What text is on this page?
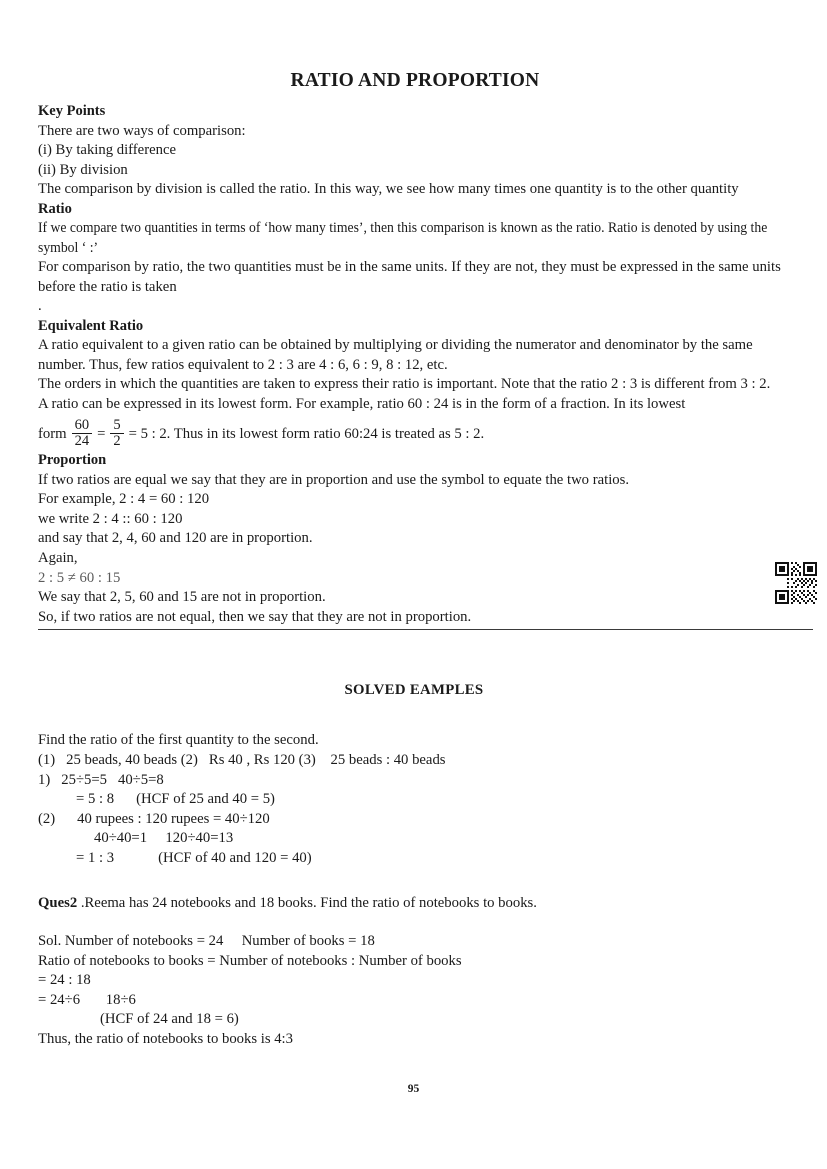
RATIO AND PROPORTION
Key Points

There are two ways of comparison:

(i) By taking difference

(ii) By division

The comparison by division is called the ratio. In this way, we see how many times one quantity is to the other quantity

Ratio

If we compare two quantities in terms of ‘how many times’, then this comparison is known as the ratio. Ratio is denoted by using the symbol ‘ :’

For comparison by ratio, the two quantities must be in the same units. If they are not, they must be expressed in the same units before the ratio is taken

.

Equivalent Ratio

A ratio equivalent to a given ratio can be obtained by multiplying or dividing the numerator and denominator by the same number. Thus, few ratios equivalent to 2 : 3 are 4 : 6, 6 : 9, 8 : 12, etc.

The orders in which the quantities are taken to express their ratio is important. Note that the ratio 2 : 3 is different from 3 : 2.

A ratio can be expressed in its lowest form. For example, ratio 60 : 24 is in the form of a fraction. In its lowest

form $\frac{60}{24} = \frac{5}{2} = 5$ : 2. Thus in its lowest form ratio 60:24 is treated as 5 : 2.
Proportion

If two ratios are equal we say that they are in proportion and use the symbol to equate the two ratios.

For example, 2 : 4 = 60 : 120

we write 2 : 4 :: 60 : 120

and say that 2, 4, 60 and 120 are in proportion.

Again,

2 : 5 ≠ 60 : 15

We say that 2, 5, 60 and 15 are not in proportion.

So, if two ratios are not equal, then we say that they are not in proportion.

SOLVED EAMPLES

Find the ratio of the first quantity to the second.

(1)   25 beads, 40 beads (2)   Rs 40 , Rs 120 (3)    25 beads : 40 beads

1)   25÷5=5   40÷5=8

= 5 : 8      (HCF of 25 and 40 = 5)

(2)      40 rupees : 120 rupees = 40÷120

40÷40=1     120÷40=13

= 1 : 3            (HCF of 40 and 120 = 40)

Ques2 .Reema has 24 notebooks and 18 books. Find the ratio of notebooks to books.

Sol. Number of notebooks = 24     Number of books = 18

Ratio of notebooks to books = Number of notebooks : Number of books

= 24 : 18

= 24÷6       18÷6

(HCF of 24 and 18 = 6)

Thus, the ratio of notebooks to books is 4:3

95
